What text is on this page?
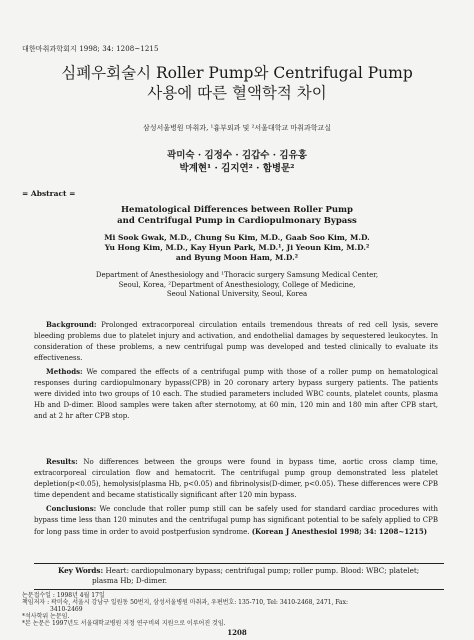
대한마취과학회지 1998; 34: 1208~1215
심폐우회술시 Roller Pump와 Centrifugal Pump
사용에 따른 혈액학적 차이
삼성서울병원 마취과, ¹흉부외과 및 ²서울대학교 마취과학교실
곽미숙 · 김정수 · 김갑수 · 김유홍
박계현¹ · 김지연² · 함병문²
= Abstract =
Hematological Differences between Roller Pump
and Centrifugal Pump in Cardiopulmonary Bypass
Mi Sook Gwak, M.D., Chung Su Kim, M.D., Gaab Soo Kim, M.D.
Yu Hong Kim, M.D., Kay Hyun Park, M.D.¹, Ji Yeoun Kim, M.D.²
and Byung Moon Ham, M.D.²
Department of Anesthesiology and ¹Thoracic surgery Samsung Medical Center,
Seoul, Korea, ²Department of Anesthesiology, College of Medicine,
Seoul National University, Seoul, Korea
Background: Prolonged extracorporeal circulation entails tremendous threats of red cell lysis, severe bleeding problems due to platelet injury and activation, and endothelial damages by sequestered leukocytes. In consideration of these problems, a new centrifugal pump was developed and tested clinically to evaluate its effectiveness.
Methods: We compared the effects of a centrifugal pump with those of a roller pump on hematological responses during cardiopulmonary bypass(CPB) in 20 coronary artery bypass surgery patients. The patients were divided into two groups of 10 each. The studied parameters included WBC counts, platelet counts, plasma Hb and D-dimer. Blood samples were taken after sternotomy, at 60 min, 120 min and 180 min after CPB start, and at 2 hr after CPB stop.
Results: No differences between the groups were found in bypass time, aortic cross clamp time, extracorporeal circulation flow and hematocrit. The centrifugal pump group demonstrated less platelet depletion(p<0.05), hemolysis(plasma Hb, p<0.05) and fibrinolysis(D-dimer, p<0.05). These differences were CPB time dependent and became statistically significant after 120 min bypass.
Conclusions: We conclude that roller pump still can be safely used for standard cardiac procedures with bypass time less than 120 minutes and the centrifugal pump has significant potential to be safely applied to CPB for long pass time in order to avoid postperfusion syndrome. (Korean J Anesthesiol 1998; 34: 1208~1215)
Key Words: Heart: cardiopulmonary bypass; centrifugal pump; roller pump. Blood: WBC; platelet;
plasma Hb; D-dimer.
1208
논문접수일 : 1998년 4월 17일
책임저자 : 곽미숙, 서울시 강남구 일원동 50번지, 삼성서울병원 마취과, 우편번호: 135-710, Tel: 3410-2468, 2471, Fax:
3410-2469
*석사학위 논문임.
*본 논문은 1997년도 서울대학교병원 지정 연구비의 지원으로 이루어진 것임.
